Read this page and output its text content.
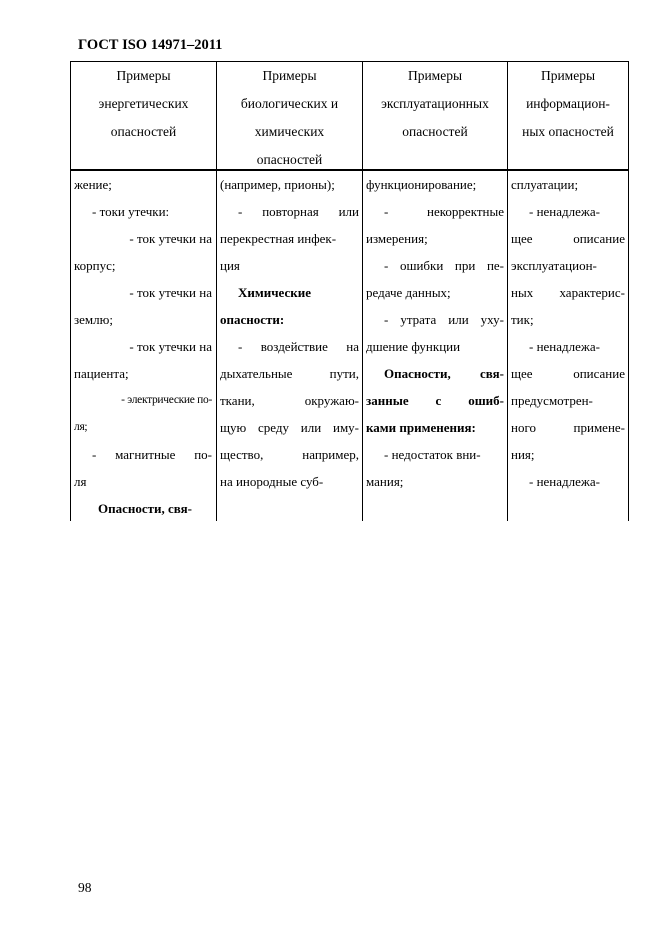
ГОСТ ISO 14971–2011
Примеры
энергетических
опасностей
Примеры
биологических и
химических
опасностей
Примеры
эксплуатационных
опасностей
Примеры
информацион-
ных опасностей
жение;
- токи утечки:
- ток утечки на
корпус;
- ток утечки на
землю;
- ток утечки на
пациента;
- электрические по-
ля;
- магнитные по-
ля
Опасности, свя-
(например, прионы);
- повторная или
перекрестная инфек-
ция
Химические
опасности:
- воздействие на
дыхательные пути,
ткани, окружаю-
щую среду или иму-
щество, например,
на инородные суб-
функционирование;
- некорректные
измерения;
- ошибки при пе-
редаче данных;
- утрата или уху-
дшение функции
Опасности, свя-
занные с ошиб-
ками применения:
- недостаток вни-
мания;
сплуатации;
- ненадлежа-
щее описание
эксплуатацион-
ных характерис-
тик;
- ненадлежа-
щее описание
предусмотрен-
ного примене-
ния;
- ненадлежа-
98
